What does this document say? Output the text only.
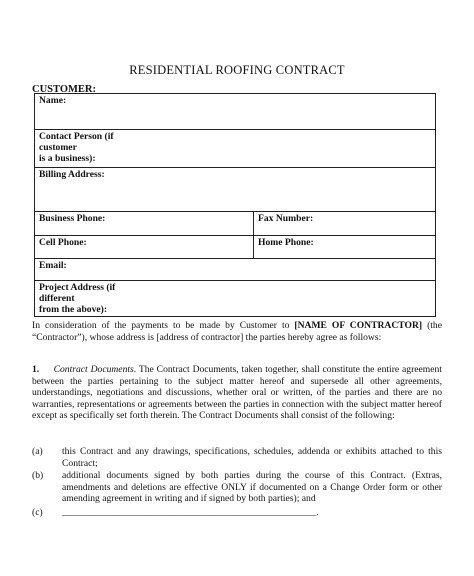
RESIDENTIAL ROOFING CONTRACT
CUSTOMER:
Name:			
Contact Person (if customer
is a business):			
Billing Address:			
Business Phone:		Fax Number:	
Cell Phone:		Home Phone:	
Email:			
Project Address (if different
from the above):			
In consideration of the payments to be made by Customer to [NAME OF CONTRACTOR] (the “Contractor”), whose address is [address of contractor] the parties hereby agree as follows:
1. Contract Documents. The Contract Documents, taken together, shall constitute the entire agreement between the parties pertaining to the subject matter hereof and supersede all other agreements, understandings, negotiations and discussions, whether oral or written, of the parties and there are no warranties, representations or agreements between the parties in connection with the subject matter hereof except as specifically set forth therein. The Contract Documents shall consist of the following:
(a) this Contract and any drawings, specifications, schedules, addenda or exhibits attached to this Contract;
(b) additional documents signed by both parties during the course of this Contract. (Extras, amendments and deletions are effective ONLY if documented on a Change Order form or other amending agreement in writing and if signed by both parties); and
(c) _____________________________________________________.
